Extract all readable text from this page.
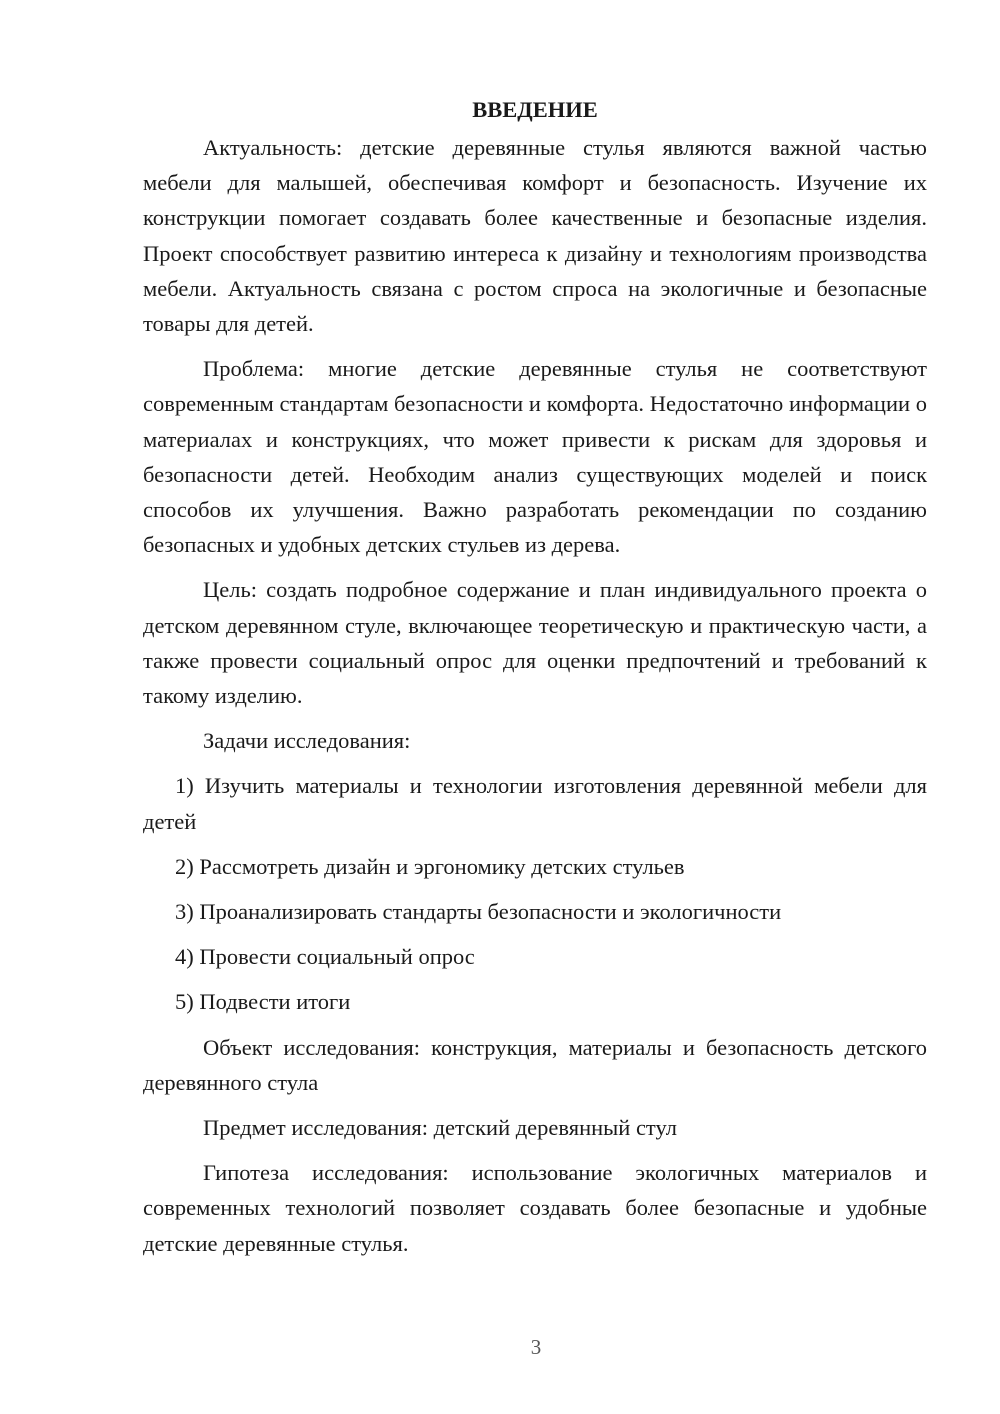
ВВЕДЕНИЕ
Актуальность: детские деревянные стулья являются важной частью мебели для малышей, обеспечивая комфорт и безопасность. Изучение их конструкции помогает создавать более качественные и безопасные изделия. Проект способствует развитию интереса к дизайну и технологиям производства мебели. Актуальность связана с ростом спроса на экологичные и безопасные товары для детей.
Проблема: многие детские деревянные стулья не соответствуют современным стандартам безопасности и комфорта. Недостаточно информации о материалах и конструкциях, что может привести к рискам для здоровья и безопасности детей. Необходим анализ существующих моделей и поиск способов их улучшения. Важно разработать рекомендации по созданию безопасных и удобных детских стульев из дерева.
Цель: создать подробное содержание и план индивидуального проекта о детском деревянном стуле, включающее теоретическую и практическую части, а также провести социальный опрос для оценки предпочтений и требований к такому изделию.
Задачи исследования:
1) Изучить материалы и технологии изготовления деревянной мебели для детей
2) Рассмотреть дизайн и эргономику детских стульев
3) Проанализировать стандарты безопасности и экологичности
4) Провести социальный опрос
5) Подвести итоги
Объект исследования: конструкция, материалы и безопасность детского деревянного стула
Предмет исследования: детский деревянный стул
Гипотеза исследования: использование экологичных материалов и современных технологий позволяет создавать более безопасные и удобные детские деревянные стулья.
3
